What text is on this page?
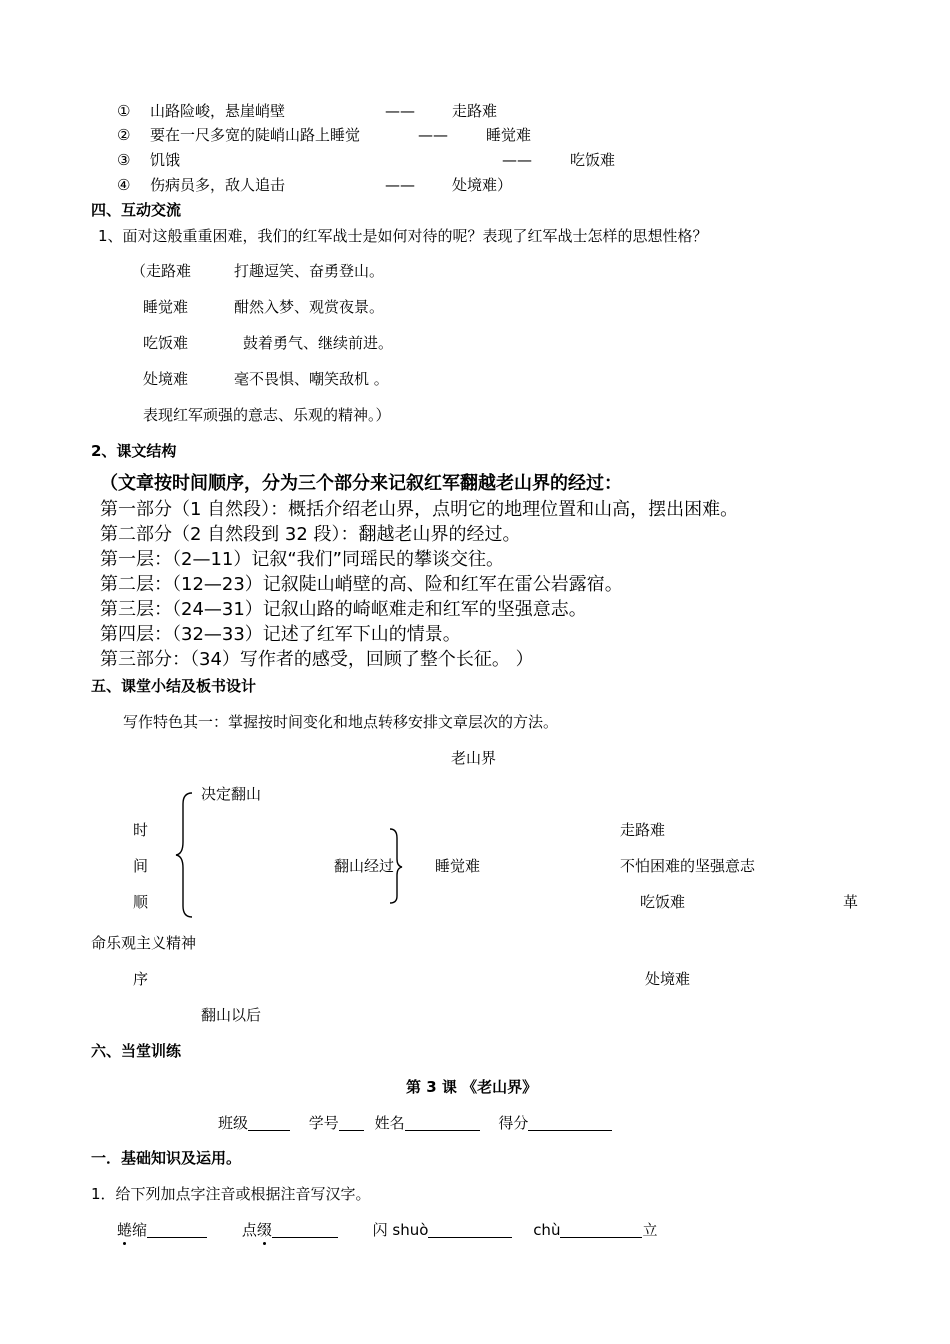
① 山路险峻，悬崖峭壁	—— 走路难
② 要在一尺多宽的陡峭山路上睡觉	——	睡觉难
③ 饥饿	——	吃饭难
④ 伤病员多，敌人追击	—— 处境难）
四、互动交流
1、面对这般重重困难，我们的红军战士是如何对待的呢？表现了红军战士怎样的思想性格？
（走路难	打趣逗笑、奋勇登山。
睡觉难	酣然入梦、观赏夜景。
吃饭难	鼓着勇气、继续前进。
处境难	毫不畏惧、嘲笑敌机 。
表现红军顽强的意志、乐观的精神。）
2、课文结构
（文章按时间顺序，分为三个部分来记叙红军翻越老山界的经过：
第一部分（1 自然段）：概括介绍老山界，点明它的地理位置和山高，摆出困难。
第二部分（2 自然段到 32 段）：翻越老山界的经过。
第一层：（2—11）记叙“我们”同瑶民的攀谈交往。
第二层：（12—23）记叙陡山峭壁的高、险和红军在雷公岩露宿。
第三层：（24—31）记叙山路的崎岖难走和红军的坚强意志。
第四层：（32—33）记述了红军下山的情景。
第三部分：（34）写作者的感受，回顾了整个长征。 ）
五、课堂小结及板书设计
写作特色其一：掌握按时间变化和地点转移安排文章层次的方法。
老山界
决定翻山
时	走路难
间	翻山经过	睡觉难	不怕困难的坚强意志
顺	吃饭难	革
命乐观主义精神
序	处境难
翻山以后
六、当堂训练
第 3 课 《老山界》
班级	学号 姓名	得分
一．基础知识及运用。
1．给下列加点字注音或根据注音写汉字。
蜷缩	点缀	闪 shuò	chù	立
